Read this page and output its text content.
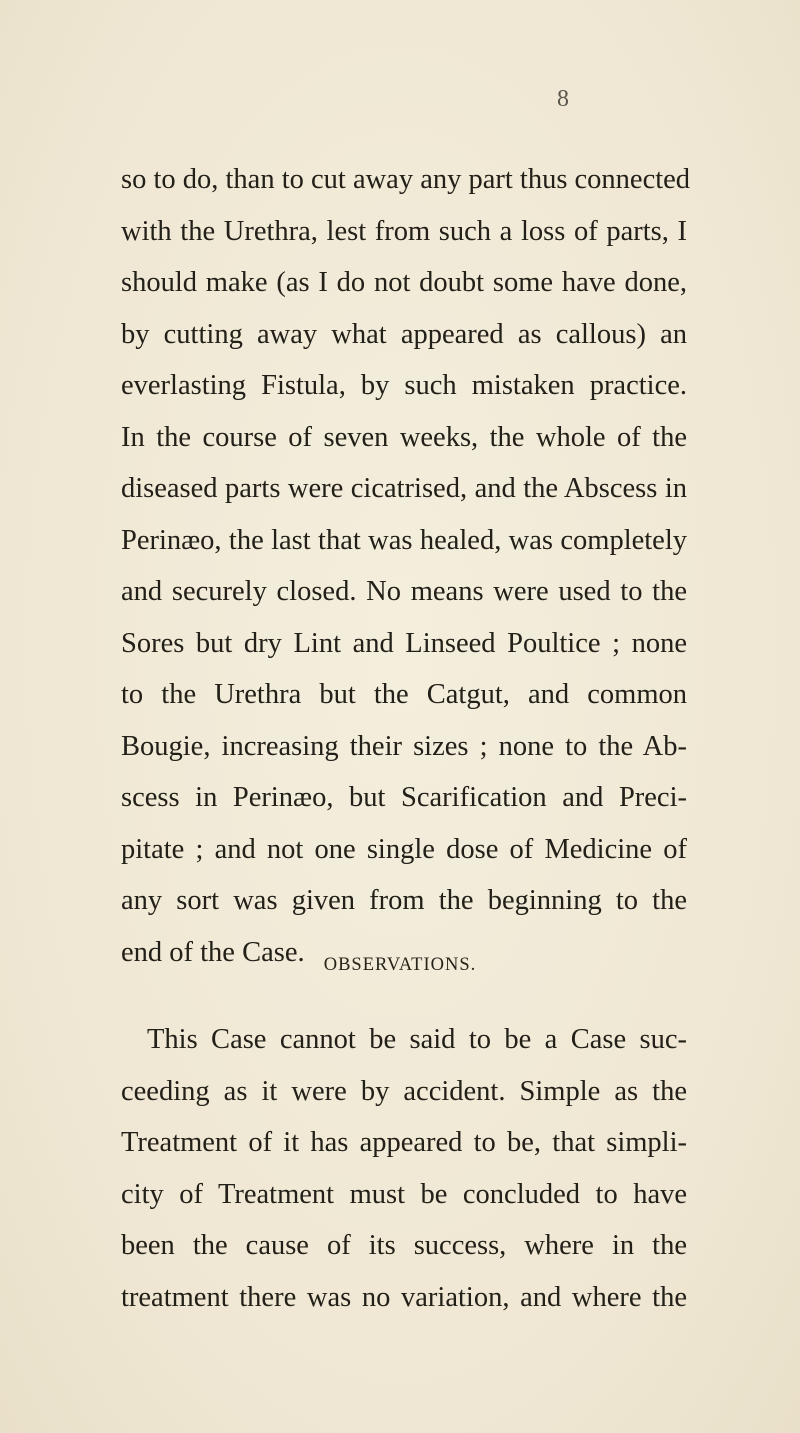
8
so to do, than to cut away any part thus connected
with the Urethra, lest from such a loss of parts, I
should make (as I do not doubt some have done,
by cutting away what appeared as callous) an
everlasting Fistula, by such mistaken practice.
In the course of seven weeks, the whole of the
diseased parts were cicatrised, and the Abscess in
Perinæo, the last that was healed, was completely
and securely closed. No means were used to the
Sores but dry Lint and Linseed Poultice ; none
to the Urethra but the Catgut, and common
Bougie, increasing their sizes ; none to the Ab-
scess in Perinæo, but Scarification and Preci-
pitate ; and not one single dose of Medicine of
any sort was given from the beginning to the
end of the Case.	OBSERVATIONS.
This Case cannot be said to be a Case suc-
ceeding as it were by accident. Simple as the
Treatment of it has appeared to be, that simpli-
city of Treatment must be concluded to have
been the cause of its success, where in the
treatment there was no variation, and where the
